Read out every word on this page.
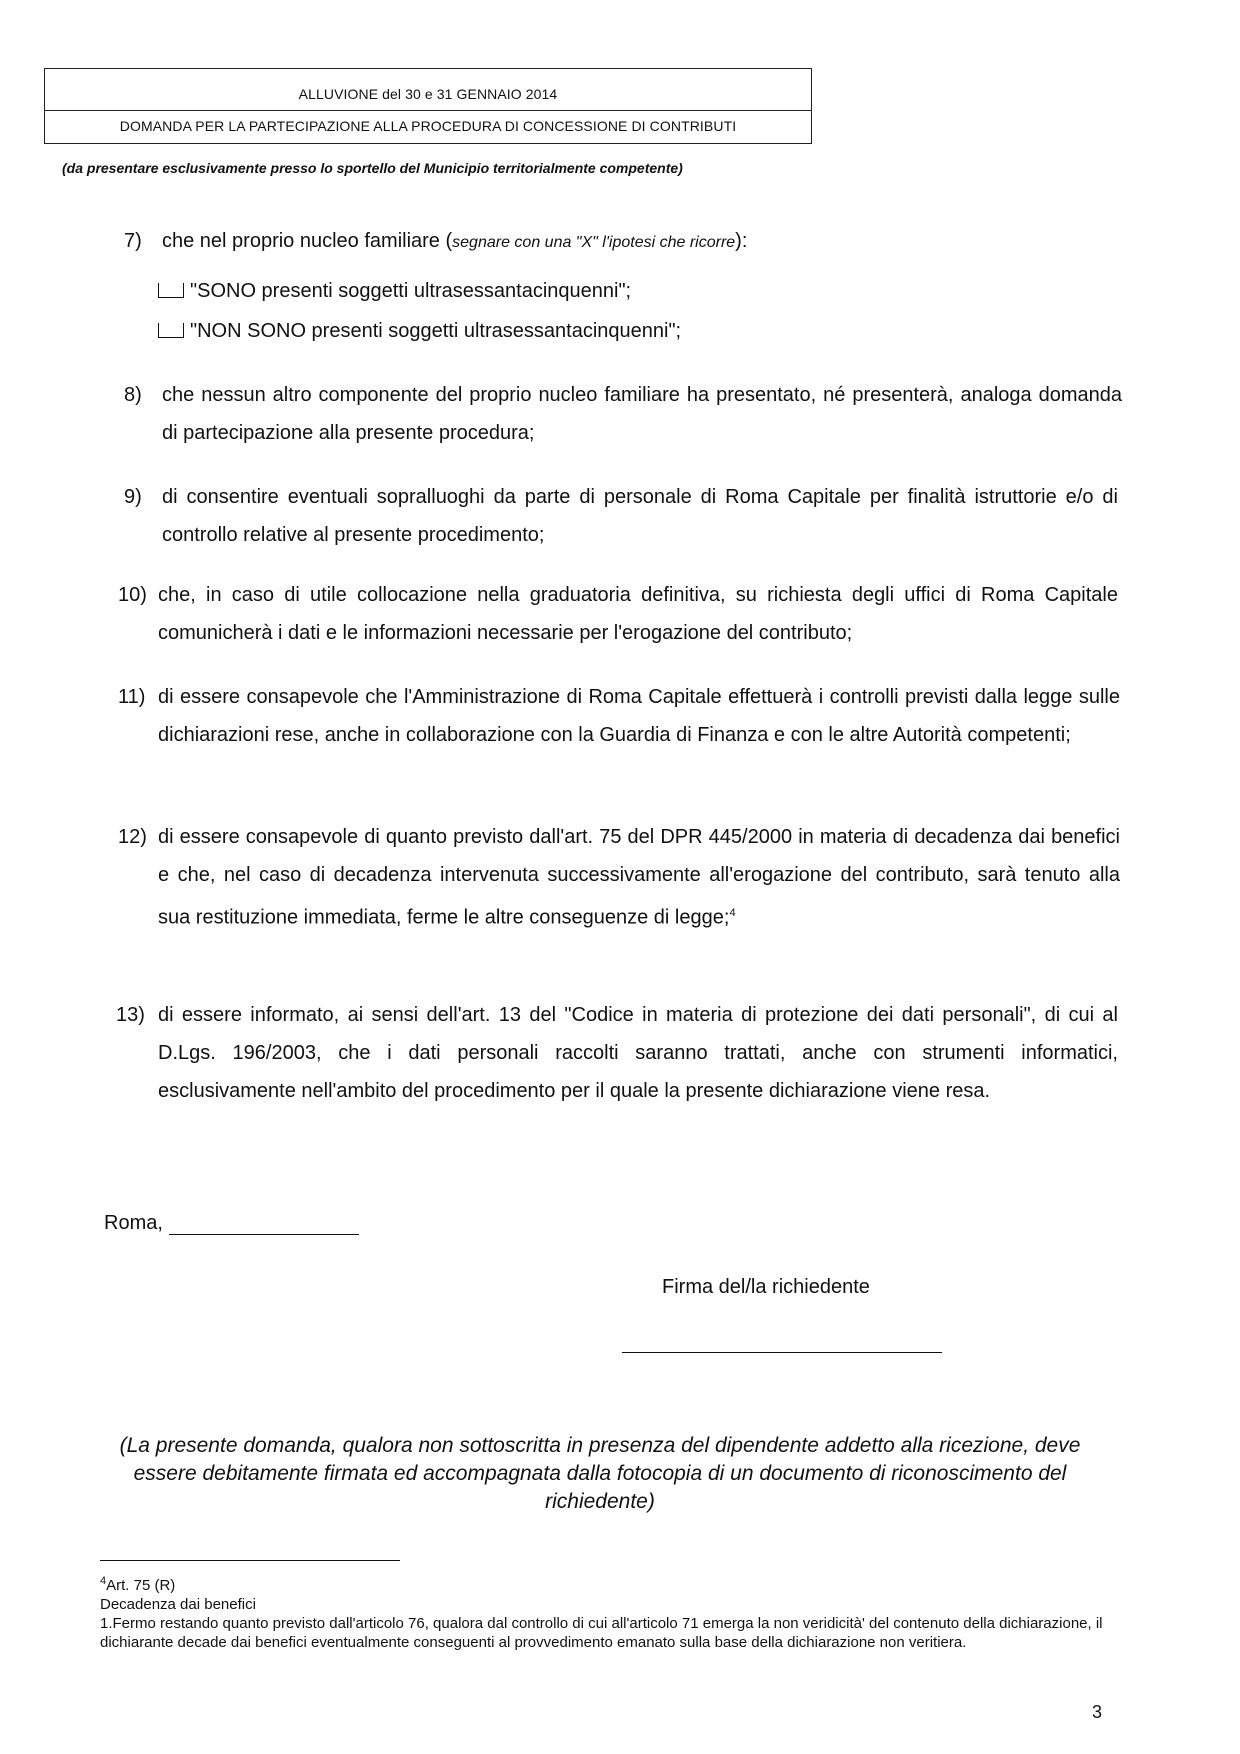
ALLUVIONE del 30 e 31 GENNAIO 2014
DOMANDA PER LA PARTECIPAZIONE ALLA PROCEDURA DI CONCESSIONE DI CONTRIBUTI
(da presentare esclusivamente presso lo sportello del Municipio territorialmente competente)
7) che nel proprio nucleo familiare (segnare con una "X" l'ipotesi che ricorre):
"SONO presenti soggetti ultrasessantacinquenni";
"NON SONO presenti soggetti ultrasessantacinquenni";
8) che nessun altro componente del proprio nucleo familiare ha presentato, né presenterà, analoga domanda di partecipazione alla presente procedura;
9) di consentire eventuali sopralluoghi da parte di personale di Roma Capitale per finalità istruttorie e/o di controllo relative al presente procedimento;
10) che, in caso di utile collocazione nella graduatoria definitiva, su richiesta degli uffici di Roma Capitale comunicherà i dati e le informazioni necessarie per l'erogazione del contributo;
11) di essere consapevole che l'Amministrazione di Roma Capitale effettuerà i controlli previsti dalla legge sulle dichiarazioni rese, anche in collaborazione con la Guardia di Finanza e con le altre Autorità competenti;
12) di essere consapevole di quanto previsto dall'art. 75 del DPR 445/2000 in materia di decadenza dai benefici e che, nel caso di decadenza intervenuta successivamente all'erogazione del contributo, sarà tenuto alla sua restituzione immediata, ferme le altre conseguenze di legge;$^4$
13) di essere informato, ai sensi dell'art. 13 del "Codice in materia di protezione dei dati personali", di cui al D.Lgs. 196/2003, che i dati personali raccolti saranno trattati, anche con strumenti informatici, esclusivamente nell'ambito del procedimento per il quale la presente dichiarazione viene resa.
Roma,
Firma del/la richiedente
(La presente domanda, qualora non sottoscritta in presenza del dipendente addetto alla ricezione, deve essere debitamente firmata ed accompagnata dalla fotocopia di un documento di riconoscimento del richiedente)
$^4$Art. 75 (R)
Decadenza dai benefici
1.Fermo restando quanto previsto dall'articolo 76, qualora dal controllo di cui all'articolo 71 emerga la non veridicità' del contenuto della dichiarazione, il dichiarante decade dai benefici eventualmente conseguenti al provvedimento emanato sulla base della dichiarazione non veritiera.
3
